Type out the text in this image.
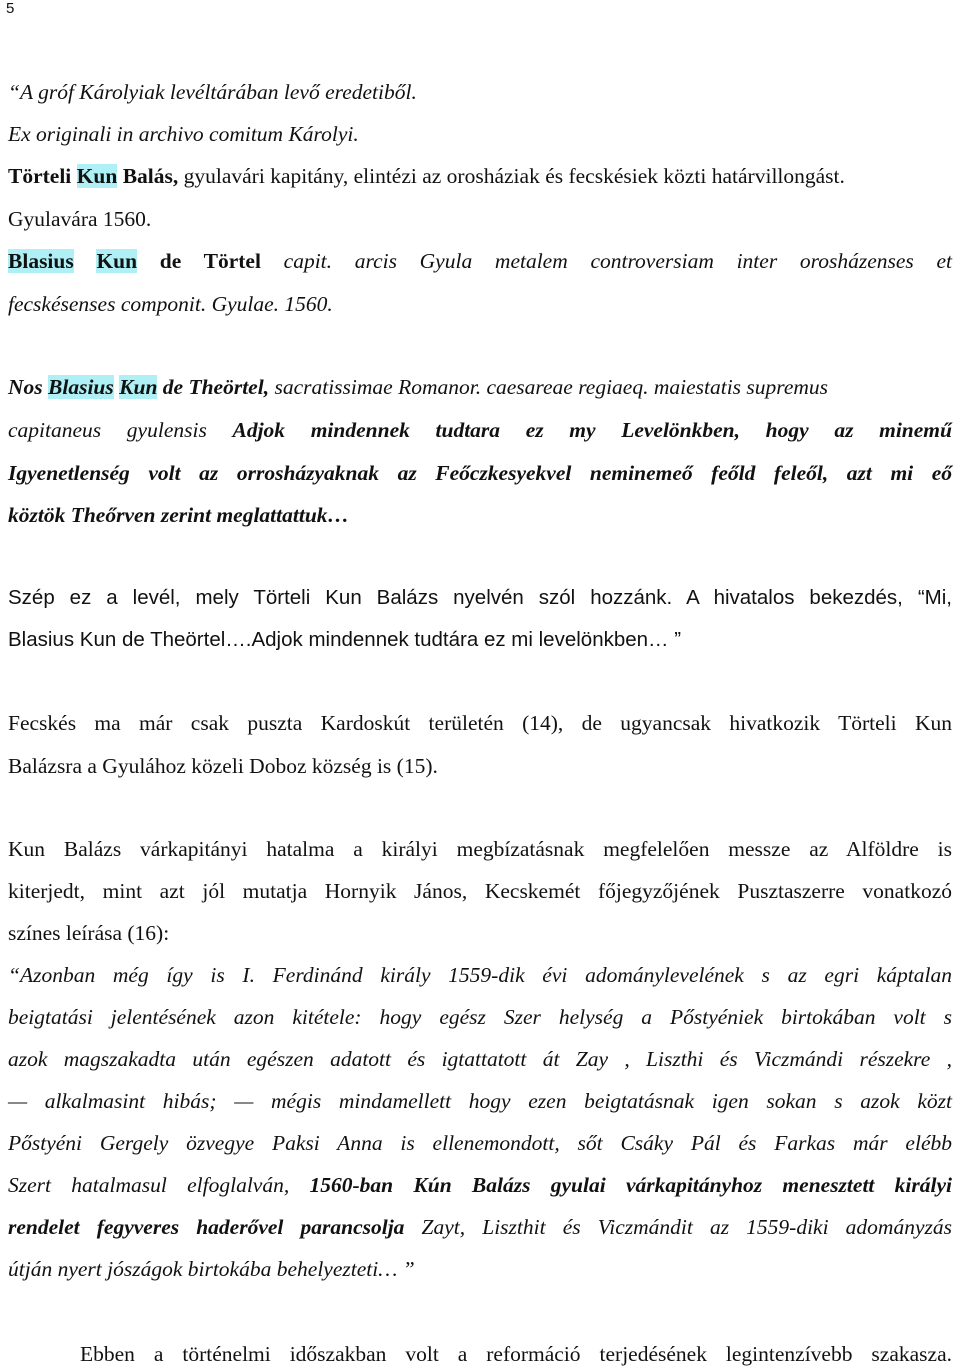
5
“A gróf Károlyiak levéltárában levő eredetiből.
Ex originali in archivo comitum Károlyi.
Törteli Kun Balás, gyulavári kapitány, elintézi az orosháziak és fecskésiek közti határvillongást.
Gyulavára 1560.
Blasius Kun de Törtel capit. arcis Gyula metalem controversiam inter orosházenses et
fecskésenses componit. Gyulae. 1560.
Nos Blasius Kun de Theörtel, sacratissimae Romanor. caesareae regiaeq. maiestatis supremus
capitaneus gyulensis Adjok mindennek tudtara ez my Levelönkben, hogy az minemű
Igyenetlenség volt az orrosházyaknak az Feőczkesyekvel neminemeő feőld feleől, azt mi eő
köztök Theőrven zerint meglattattuk…
Szép ez a levél, mely Törteli Kun Balázs nyelvén szól hozzánk. A hivatalos bekezdés, “Mi,
Blasius Kun de Theörtel….Adjok mindennek tudtára ez mi levelönkben… ”
Fecskés ma már csak puszta Kardoskút területén (14), de ugyancsak hivatkozik Törteli Kun
Balázsra a Gyulához közeli Doboz község is (15).
Kun Balázs várkapitányi hatalma a királyi megbízatásnak megfelelően messze az Alföldre is
kiterjedt, mint azt jól mutatja Hornyik János, Kecskemét főjegyzőjének Pusztaszerre vonatkozó
színes leírása (16):
“Azonban még így is I. Ferdinánd király 1559-dik évi adománylevelének s az egri káptalan
beigtatási jelentésének azon kitétele: hogy egész Szer helység a Pőstyéniek birtokában volt s
azok magszakadta után egészen adatott és igtattatott át Zay , Liszthi és Viczmándi részekre ,
— alkalmasint hibás; — mégis mindamellett hogy ezen beigtatásnak igen sokan s azok közt
Pőstyéni Gergely özvegye Paksi Anna is ellenemondott, sőt Csáky Pál és Farkas már elébb
Szert hatalmasul elfoglalván, 1560-ban Kún Balázs gyulai várkapitányhoz menesztett királyi
rendelet fegyveres haderővel parancsolja Zayt, Liszthit és Viczmándit az 1559-diki adományzás
útján nyert jószágok birtokába behelyezteti… ”
Ebben a történelmi időszakban volt a reformáció terjedésének legintenzívebb szakasza.
